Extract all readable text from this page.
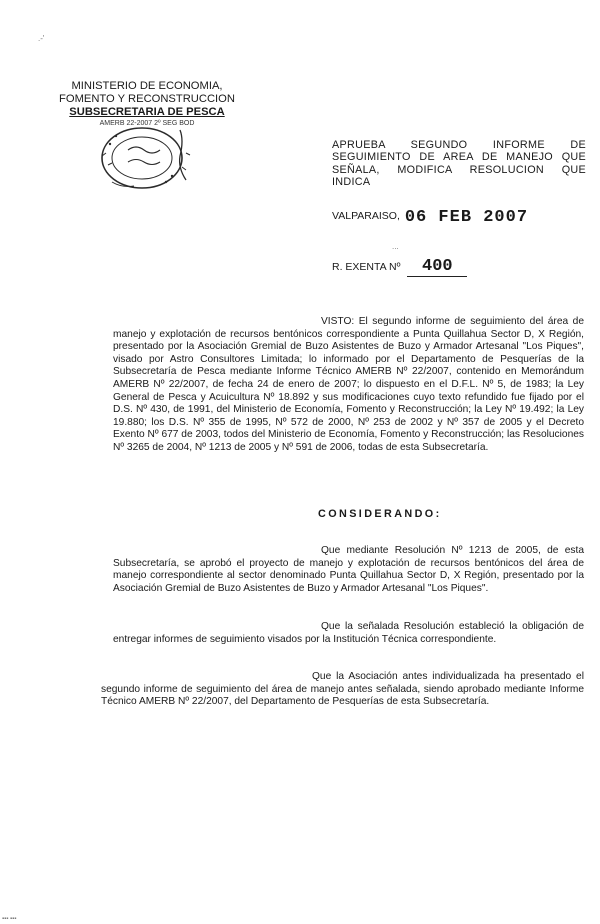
.-'
MINISTERIO DE ECONOMIA,
FOMENTO Y RECONSTRUCCION
SUBSECRETARIA DE PESCA
AMERB 22-2007 2º SEG BOD
APRUEBA SEGUNDO INFORME DE
SEGUIMIENTO DE AREA DE MANEJO QUE
SEÑALA, MODIFICA RESOLUCION QUE
INDICA
VALPARAISO, 06 FEB 2007
...
R. EXENTA Nº 400
VISTO: El segundo informe de seguimiento del área de manejo y explotación de recursos bentónicos correspondiente a Punta Quillahua Sector D, X Región, presentado por la Asociación Gremial de Buzo Asistentes de Buzo y Armador Artesanal "Los Piques", visado por Astro Consultores Limitada; lo informado por el Departamento de Pesquerías de la Subsecretaría de Pesca mediante Informe Técnico AMERB Nº 22/2007, contenido en Memorándum AMERB Nº 22/2007, de fecha 24 de enero de 2007; lo dispuesto en el D.F.L. Nº 5, de 1983; la Ley General de Pesca y Acuicultura Nº 18.892 y sus modificaciones cuyo texto refundido fue fijado por el D.S. Nº 430, de 1991, del Ministerio de Economía, Fomento y Reconstrucción; la Ley Nº 19.492; la Ley 19.880; los D.S. Nº 355 de 1995, Nº 572 de 2000, Nº 253 de 2002 y Nº 357 de 2005 y el Decreto Exento Nº 677 de 2003, todos del Ministerio de Economía, Fomento y Reconstrucción; las Resoluciones Nº 3265 de 2004, Nº 1213 de 2005 y Nº 591 de 2006, todas de esta Subsecretaría.
CONSIDERANDO:
Que mediante Resolución Nº 1213 de 2005, de esta Subsecretaría, se aprobó el proyecto de manejo y explotación de recursos bentónicos del área de manejo correspondiente al sector denominado Punta Quillahua Sector D, X Región, presentado por la Asociación Gremial de Buzo Asistentes de Buzo y Armador Artesanal "Los Piques".
Que la señalada Resolución estableció la obligación de entregar informes de seguimiento visados por la Institución Técnica correspondiente.
Que la Asociación antes individualizada ha presentado el segundo informe de seguimiento del área de manejo antes señalada, siendo aprobado mediante Informe Técnico AMERB Nº 22/2007, del Departamento de Pesquerías de esta Subsecretaría.
▪▪▪ ▪▪▪
